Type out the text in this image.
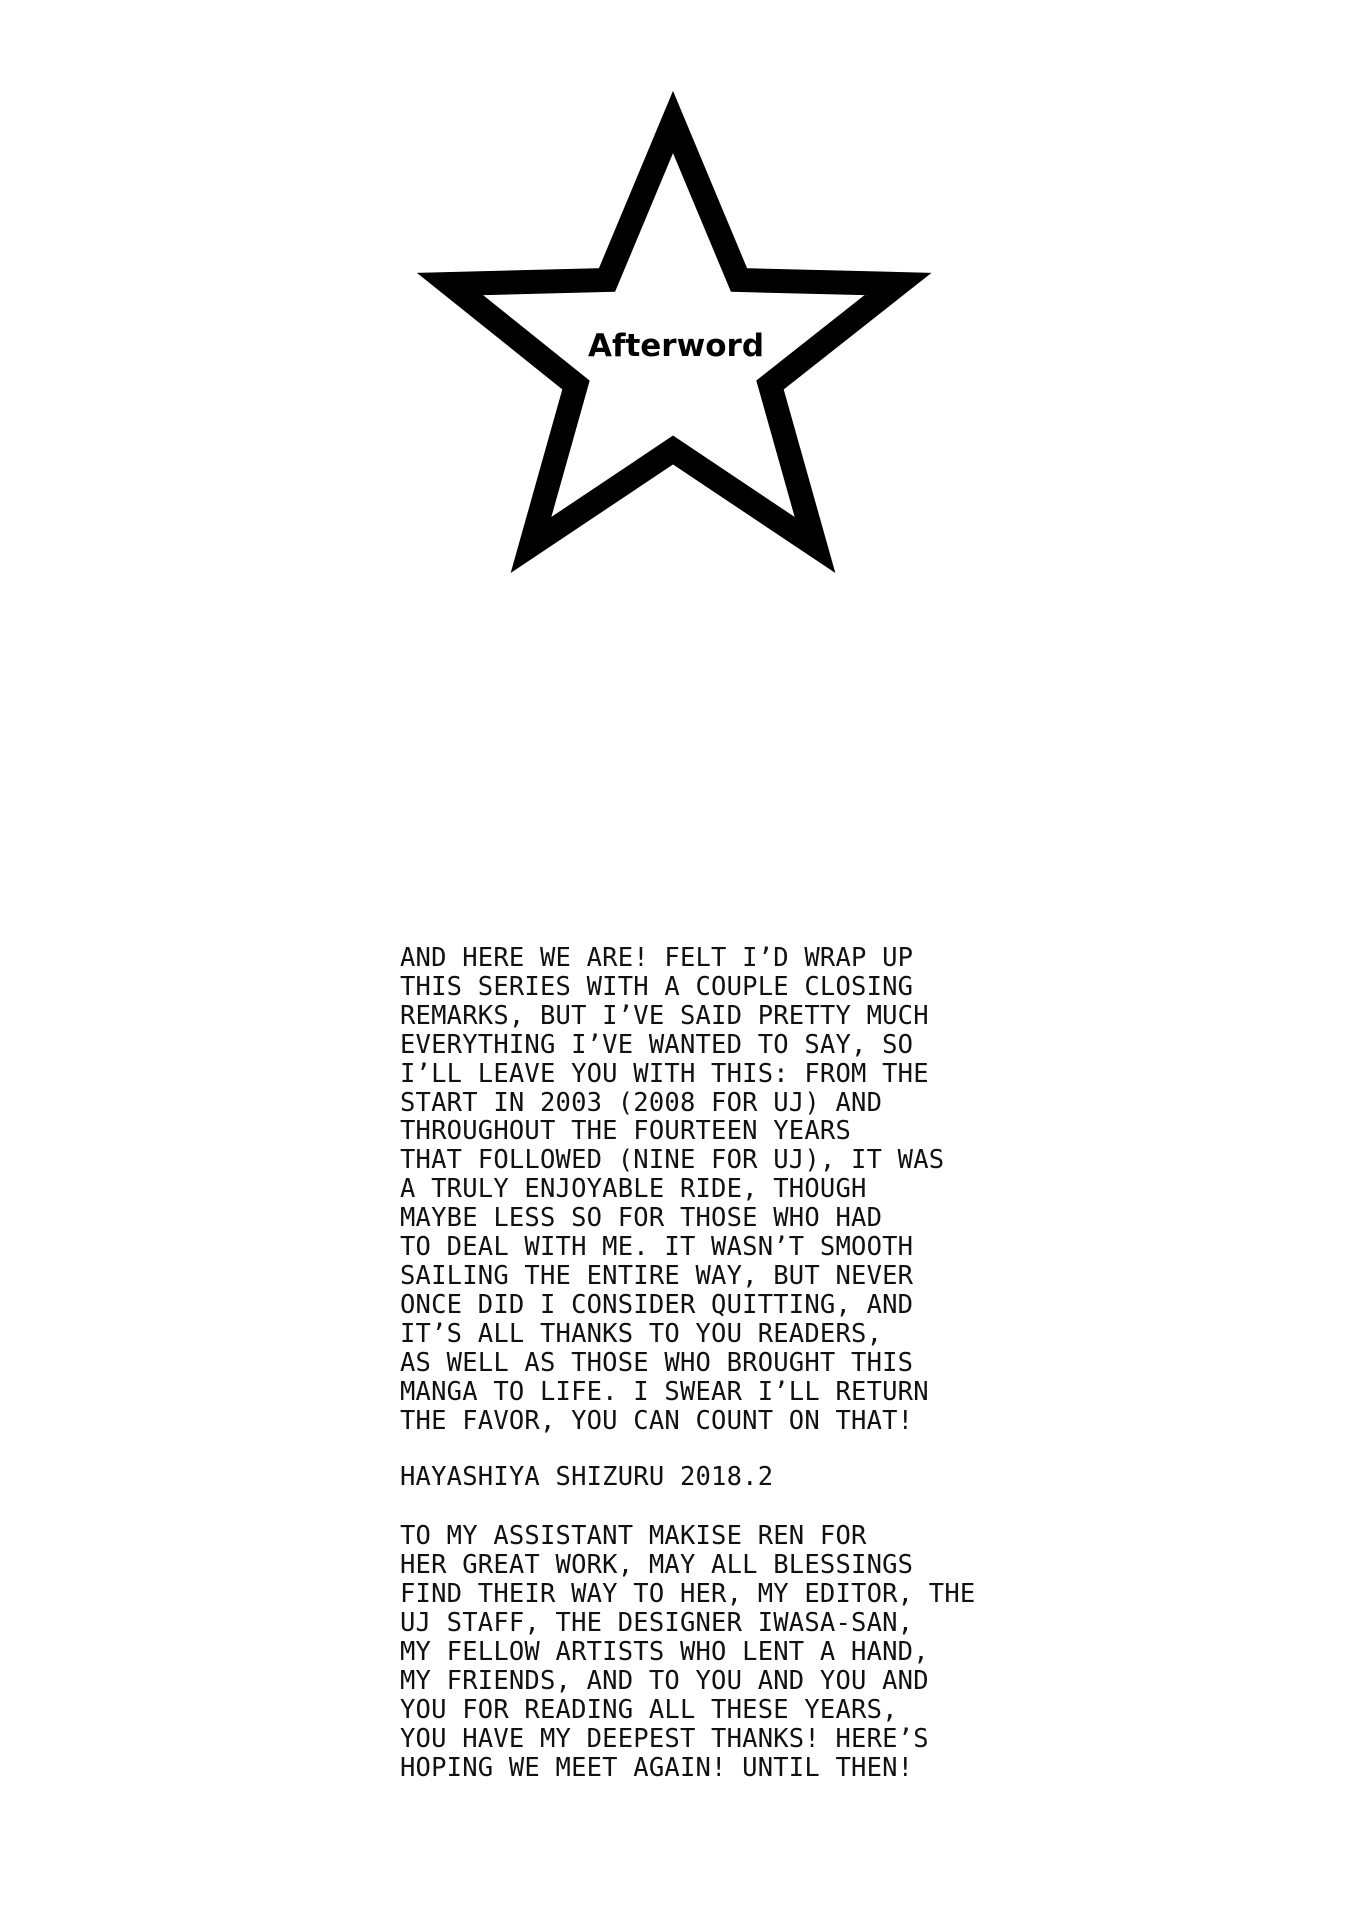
Afterword

AND HERE WE ARE! FELT I’D WRAP UP
THIS SERIES WITH A COUPLE CLOSING
REMARKS, BUT I’VE SAID PRETTY MUCH
EVERYTHING I’VE WANTED TO SAY, SO
I’LL LEAVE YOU WITH THIS: FROM THE
START IN 2003 (2008 FOR UJ) AND
THROUGHOUT THE FOURTEEN YEARS
THAT FOLLOWED (NINE FOR UJ), IT WAS
A TRULY ENJOYABLE RIDE, THOUGH
MAYBE LESS SO FOR THOSE WHO HAD
TO DEAL WITH ME. IT WASN’T SMOOTH
SAILING THE ENTIRE WAY, BUT NEVER
ONCE DID I CONSIDER QUITTING, AND
IT’S ALL THANKS TO YOU READERS,
AS WELL AS THOSE WHO BROUGHT THIS
MANGA TO LIFE. I SWEAR I’LL RETURN
THE FAVOR, YOU CAN COUNT ON THAT!

HAYASHIYA SHIZURU 2018.2

TO MY ASSISTANT MAKISE REN FOR
HER GREAT WORK, MAY ALL BLESSINGS
FIND THEIR WAY TO HER, MY EDITOR, THE
UJ STAFF, THE DESIGNER IWASA-SAN,
MY FELLOW ARTISTS WHO LENT A HAND,
MY FRIENDS, AND TO YOU AND YOU AND
YOU FOR READING ALL THESE YEARS,
YOU HAVE MY DEEPEST THANKS! HERE’S
HOPING WE MEET AGAIN! UNTIL THEN!
